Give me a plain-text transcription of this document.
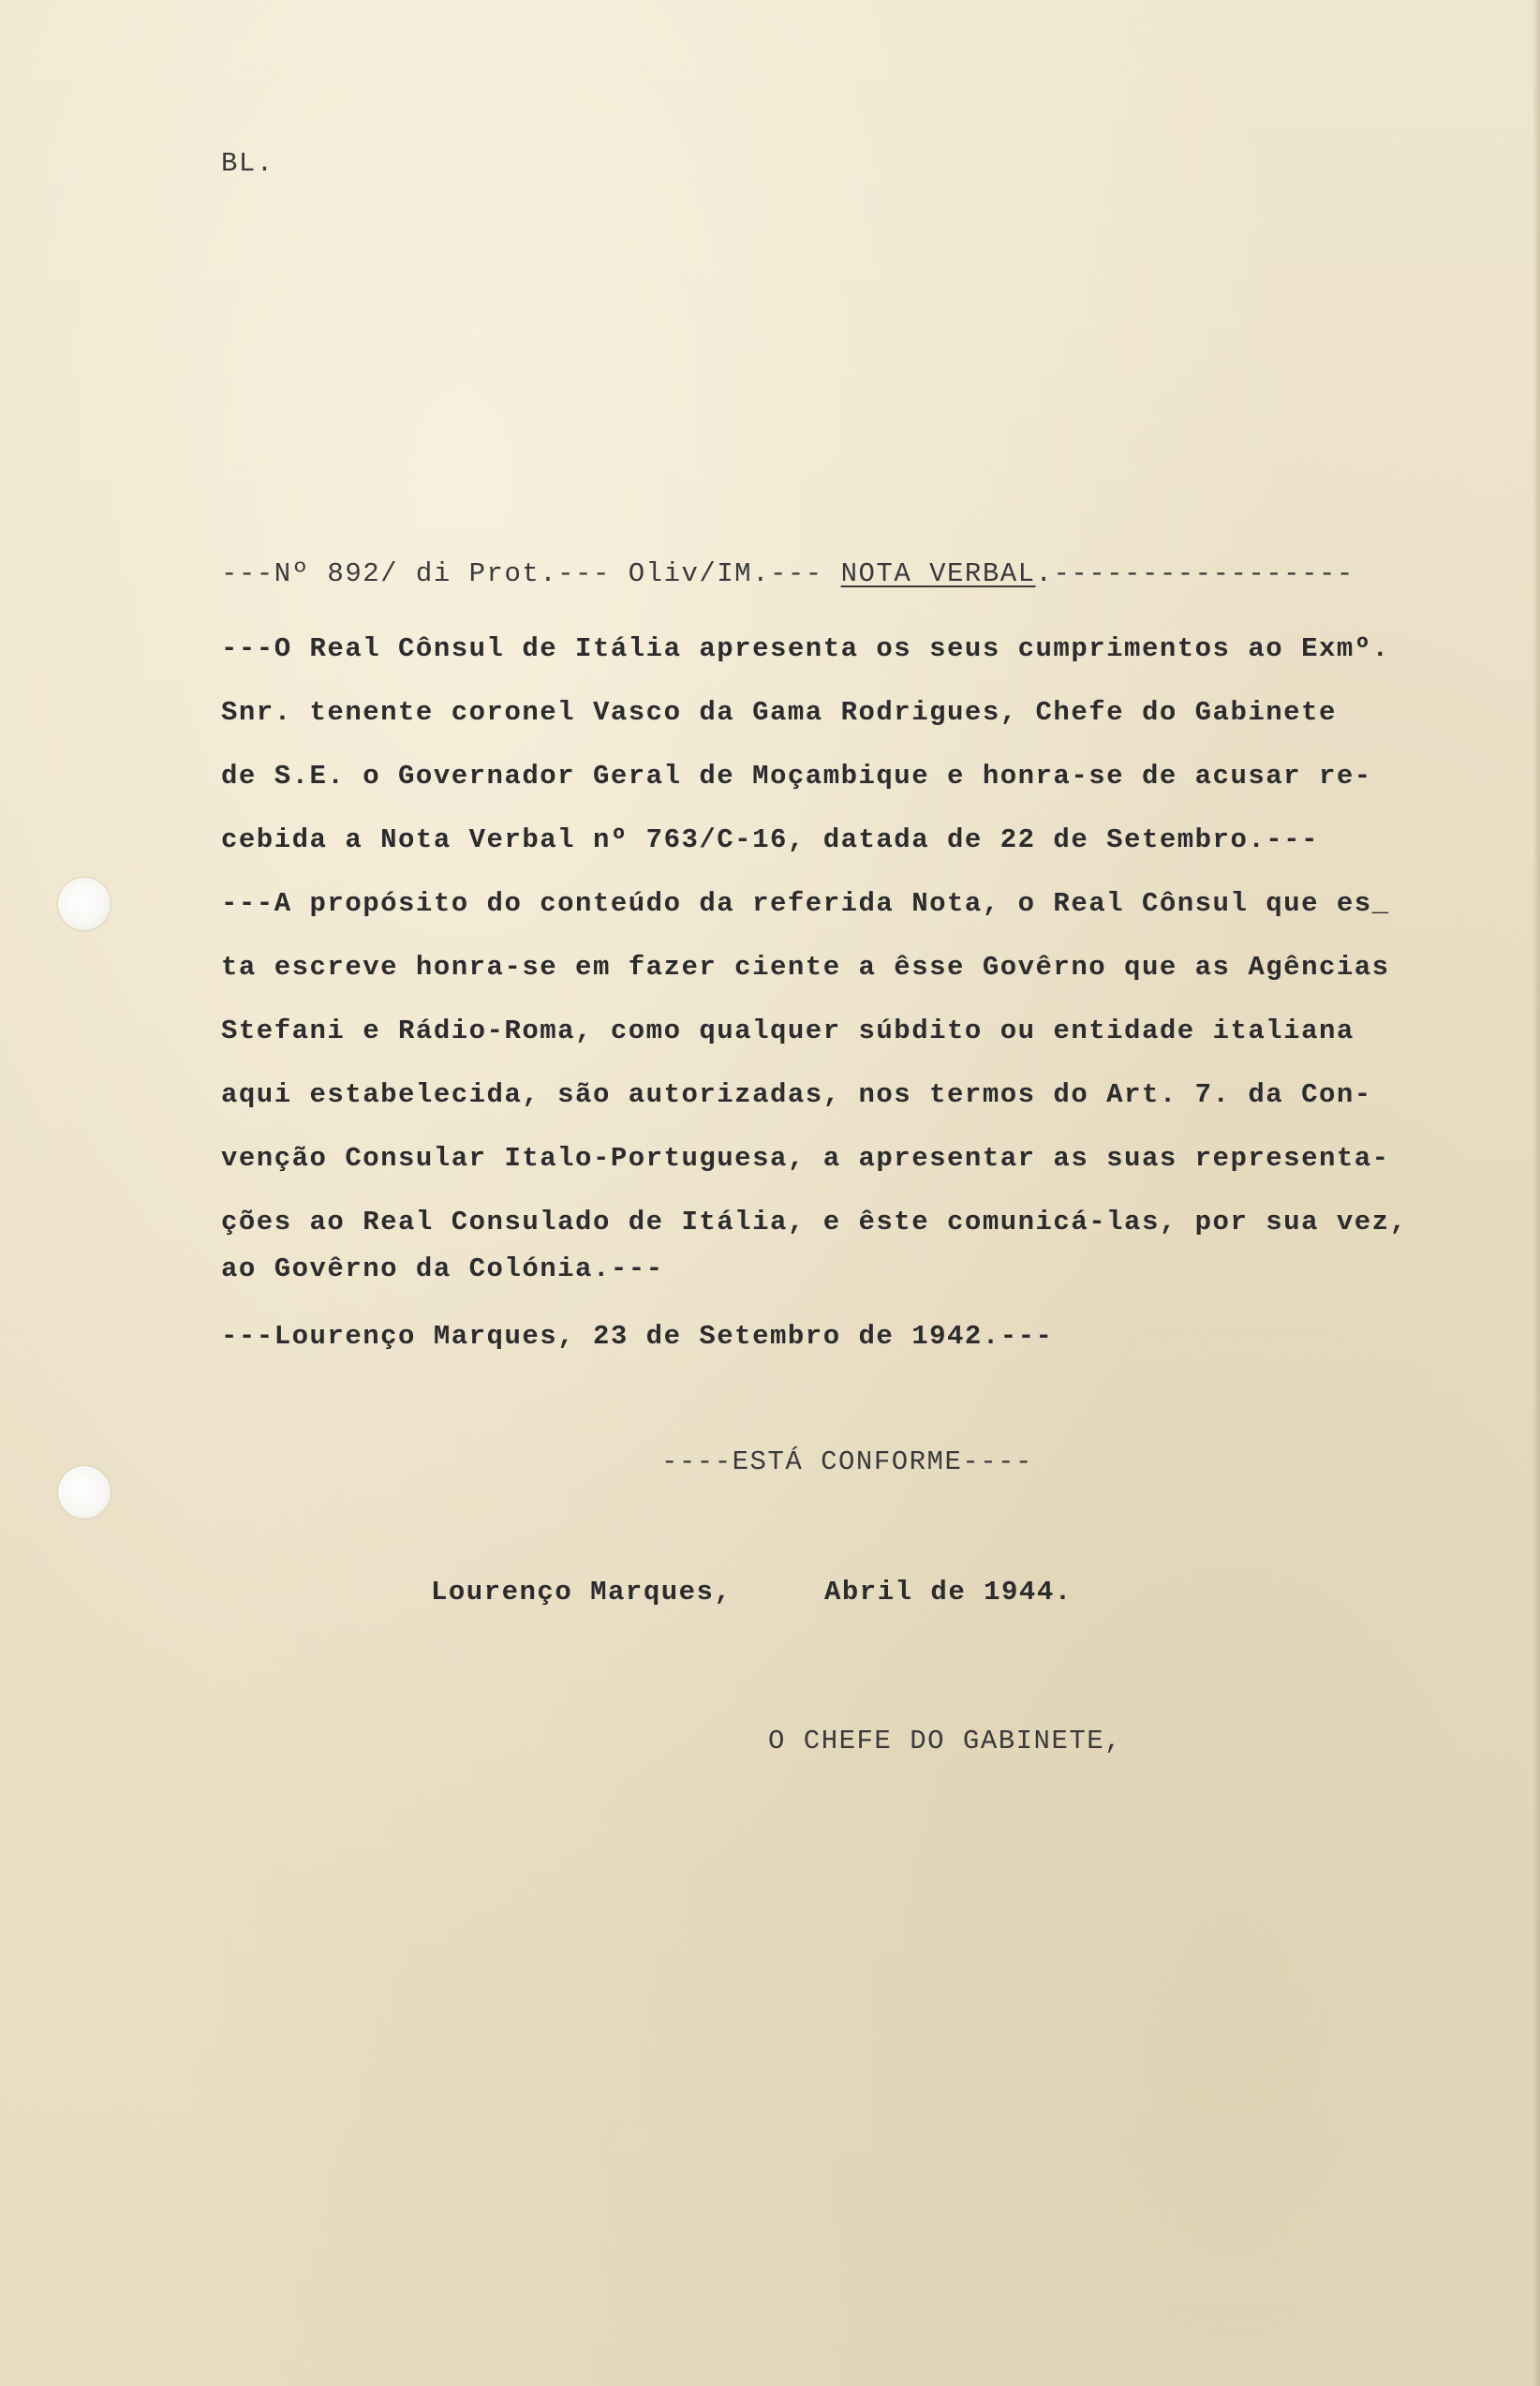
BL.
---Nº 892/ di Prot.--- Oliv/IM.--- NOTA VERBAL.-----------------
---O Real Cônsul de Itália apresenta os seus cumprimentos ao Exmº.
Snr. tenente coronel Vasco da Gama Rodrigues, Chefe do Gabinete
de S.E. o Governador Geral de Moçambique e honra-se de acusar re-
cebida a Nota Verbal nº 763/C-16, datada de 22 de Setembro.---
---A propósito do conteúdo da referida Nota, o Real Cônsul que es_
ta escreve honra-se em fazer ciente a êsse Govêrno que as Agências
Stefani e Rádio-Roma, como qualquer súbdito ou entidade italiana
aqui estabelecida, são autorizadas, nos termos do Art. 7. da Con-
venção Consular Italo-Portuguesa, a apresentar as suas representa-
ções ao Real Consulado de Itália, e êste comunicá-las, por sua vez,
ao Govêrno da Colónia.---
---Lourenço Marques, 23 de Setembro de 1942.---
----ESTÁ CONFORME----
Lourenço Marques,	Abril de 1944.
O CHEFE DO GABINETE,
